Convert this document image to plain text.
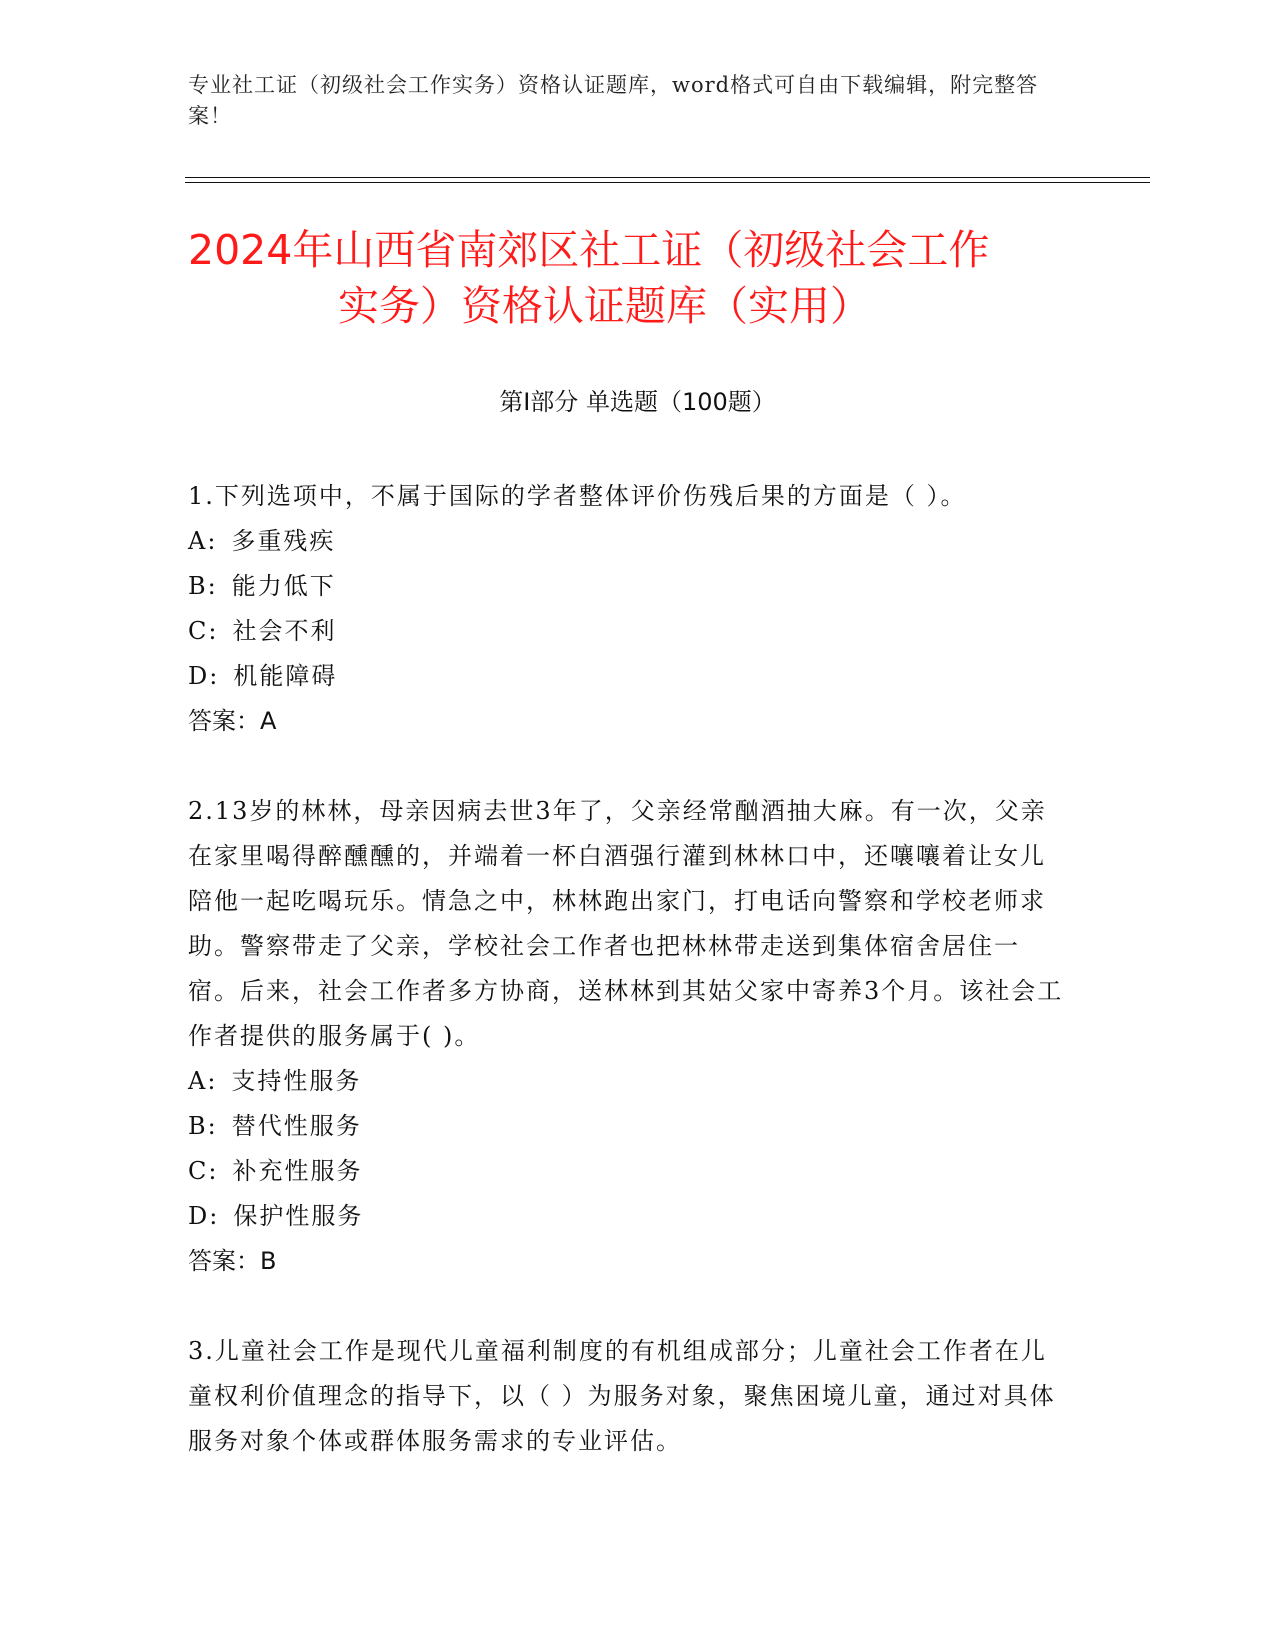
专业社工证（初级社会工作实务）资格认证题库，word格式可自由下载编辑，附完整答案！
2024年山西省南郊区社工证（初级社会工作
实务）资格认证题库（实用）
第Ⅰ部分 单选题（100题）

1.下列选项中，不属于国际的学者整体评价伤残后果的方面是（ ）。

A: 多重残疾

B: 能力低下

C: 社会不利

D: 机能障碍

答案：A

2.13岁的林林，母亲因病去世3年了，父亲经常酗酒抽大麻。有一次，父亲在家里喝得醉醺醺的，并端着一杯白酒强行灌到林林口中，还嚷嚷着让女儿陪他一起吃喝玩乐。情急之中，林林跑出家门，打电话向警察和学校老师求助。警察带走了父亲，学校社会工作者也把林林带走送到集体宿舍居住一宿。后来，社会工作者多方协商，送林林到其姑父家中寄养3个月。该社会工作者提供的服务属于( )。

A: 支持性服务

B: 替代性服务

C: 补充性服务

D: 保护性服务

答案：B

3.儿童社会工作是现代儿童福利制度的有机组成部分；儿童社会工作者在儿童权利价值理念的指导下，以（ ）为服务对象，聚焦困境儿童，通过对具体服务对象个体或群体服务需求的专业评估。
